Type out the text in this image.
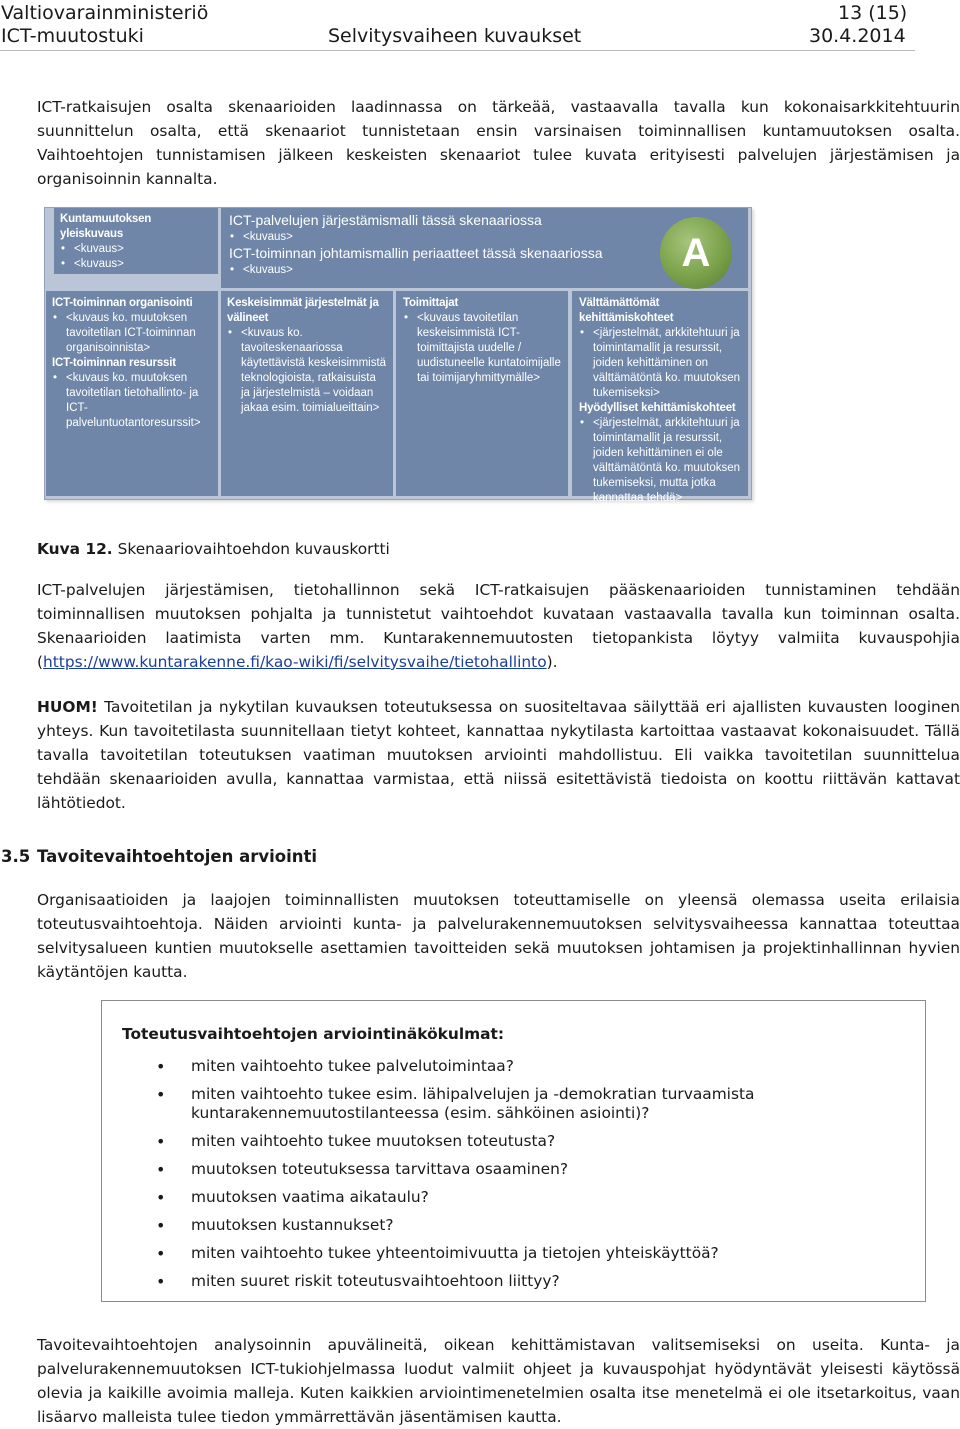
Valtiovarainministeriö	13 (15)
ICT-muutostuki	Selvitysvaiheen kuvaukset	30.4.2014

ICT-ratkaisujen osalta skenaarioiden laadinnassa on tärkeää, vastaavalla tavalla kun kokonaisarkkitehtuurin suunnittelun osalta, että skenaariot tunnistetaan ensin varsinaisen toiminnallisen kuntamuutoksen osalta. Vaihtoehtojen tunnistamisen jälkeen keskeisten skenaariot tulee kuvata erityisesti palvelujen järjestämisen ja organisoinnin kannalta.

Kuntamuutoksen yleiskuvaus
• <kuvaus>
• <kuvaus>
ICT-palvelujen järjestämismalli tässä skenaariossa
• <kuvaus>
ICT-toiminnan johtamismallin periaatteet tässä skenaariossa
• <kuvaus>	A
ICT-toiminnan organisointi
• <kuvaus ko. muutoksen tavoitetilan ICT-toiminnan organisoinnista>
ICT-toiminnan resurssit
• <kuvaus ko. muutoksen tavoitetilan tietohallinto- ja ICT-palveluntuotantoresurssit>
Keskeisimmät järjestelmät ja välineet
• <kuvaus ko. tavoiteskenaariossa käytettävistä keskeisimmistä teknologioista, ratkaisuista ja järjestelmistä – voidaan jakaa esim. toimialueittain>
Toimittajat
• <kuvaus tavoitetilan keskeisimmistä ICT-toimittajista uudelle / uudistuneelle kuntatoimijalle tai toimijaryhmittymälle>
Välttämättömät kehittämiskohteet
• <järjestelmät, arkkitehtuuri ja toimintamallit ja resurssit, joiden kehittäminen on välttämätöntä ko. muutoksen tukemiseksi>
Hyödylliset kehittämiskohteet
• <järjestelmät, arkkitehtuuri ja toimintamallit ja resurssit, joiden kehittäminen ei ole välttämätöntä ko. muutoksen tukemiseksi, mutta jotka kannattaa tehdä>
Kuva 12. Skenaariovaihtoehdon kuvauskortti

ICT-palvelujen järjestämisen, tietohallinnon sekä ICT-ratkaisujen pääskenaarioiden tunnistaminen tehdään toiminnallisen muutoksen pohjalta ja tunnistetut vaihtoehdot kuvataan vastaavalla tavalla kun toiminnan osalta. Skenaarioiden laatimista varten mm. Kuntarakennemuutosten tietopankista löytyy valmiita kuvauspohjia (https://www.kuntarakenne.fi/kao-wiki/fi/selvitysvaihe/tietohallinto).

HUOM! Tavoitetilan ja nykytilan kuvauksen toteutuksessa on suositeltavaa säilyttää eri ajallisten kuvausten looginen yhteys. Kun tavoitetilasta suunnitellaan tietyt kohteet, kannattaa nykytilasta kartoittaa vastaavat kokonaisuudet. Tällä tavalla tavoitetilan toteutuksen vaatiman muutoksen arviointi mahdollistuu. Eli vaikka tavoitetilan suunnittelua tehdään skenaarioiden avulla, kannattaa varmistaa, että niissä esitettävistä tiedoista on koottu riittävän kattavat lähtötiedot.

3.5 Tavoitevaihtoehtojen arviointi

Organisaatioiden ja laajojen toiminnallisten muutoksen toteuttamiselle on yleensä olemassa useita erilaisia toteutusvaihtoehtoja. Näiden arviointi kunta- ja palvelurakennemuutoksen selvitysvaiheessa kannattaa toteuttaa selvitysalueen kuntien muutokselle asettamien tavoitteiden sekä muutoksen johtamisen ja projektinhallinnan hyvien käytäntöjen kautta.

Toteutusvaihtoehtojen arviointinäkökulmat:
• miten vaihtoehto tukee palvelutoimintaa?
• miten vaihtoehto tukee esim. lähipalvelujen ja -demokratian turvaamista kuntarakennemuutostilanteessa (esim. sähköinen asiointi)?
• miten vaihtoehto tukee muutoksen toteutusta?
• muutoksen toteutuksessa tarvittava osaaminen?
• muutoksen vaatima aikataulu?
• muutoksen kustannukset?
• miten vaihtoehto tukee yhteentoimivuutta ja tietojen yhteiskäyttöä?
• miten suuret riskit toteutusvaihtoehtoon liittyy?

Tavoitevaihtoehtojen analysoinnin apuvälineitä, oikean kehittämistavan valitsemiseksi on useita. Kunta- ja palvelurakennemuutoksen ICT-tukiohjelmassa luodut valmiit ohjeet ja kuvauspohjat hyödyntävät yleisesti käytössä olevia ja kaikille avoimia malleja. Kuten kaikkien arviointimenetelmien osalta itse menetelmä ei ole itsetarkoitus, vaan lisäarvo malleista tulee tiedon ymmärrettävän jäsentämisen kautta.
